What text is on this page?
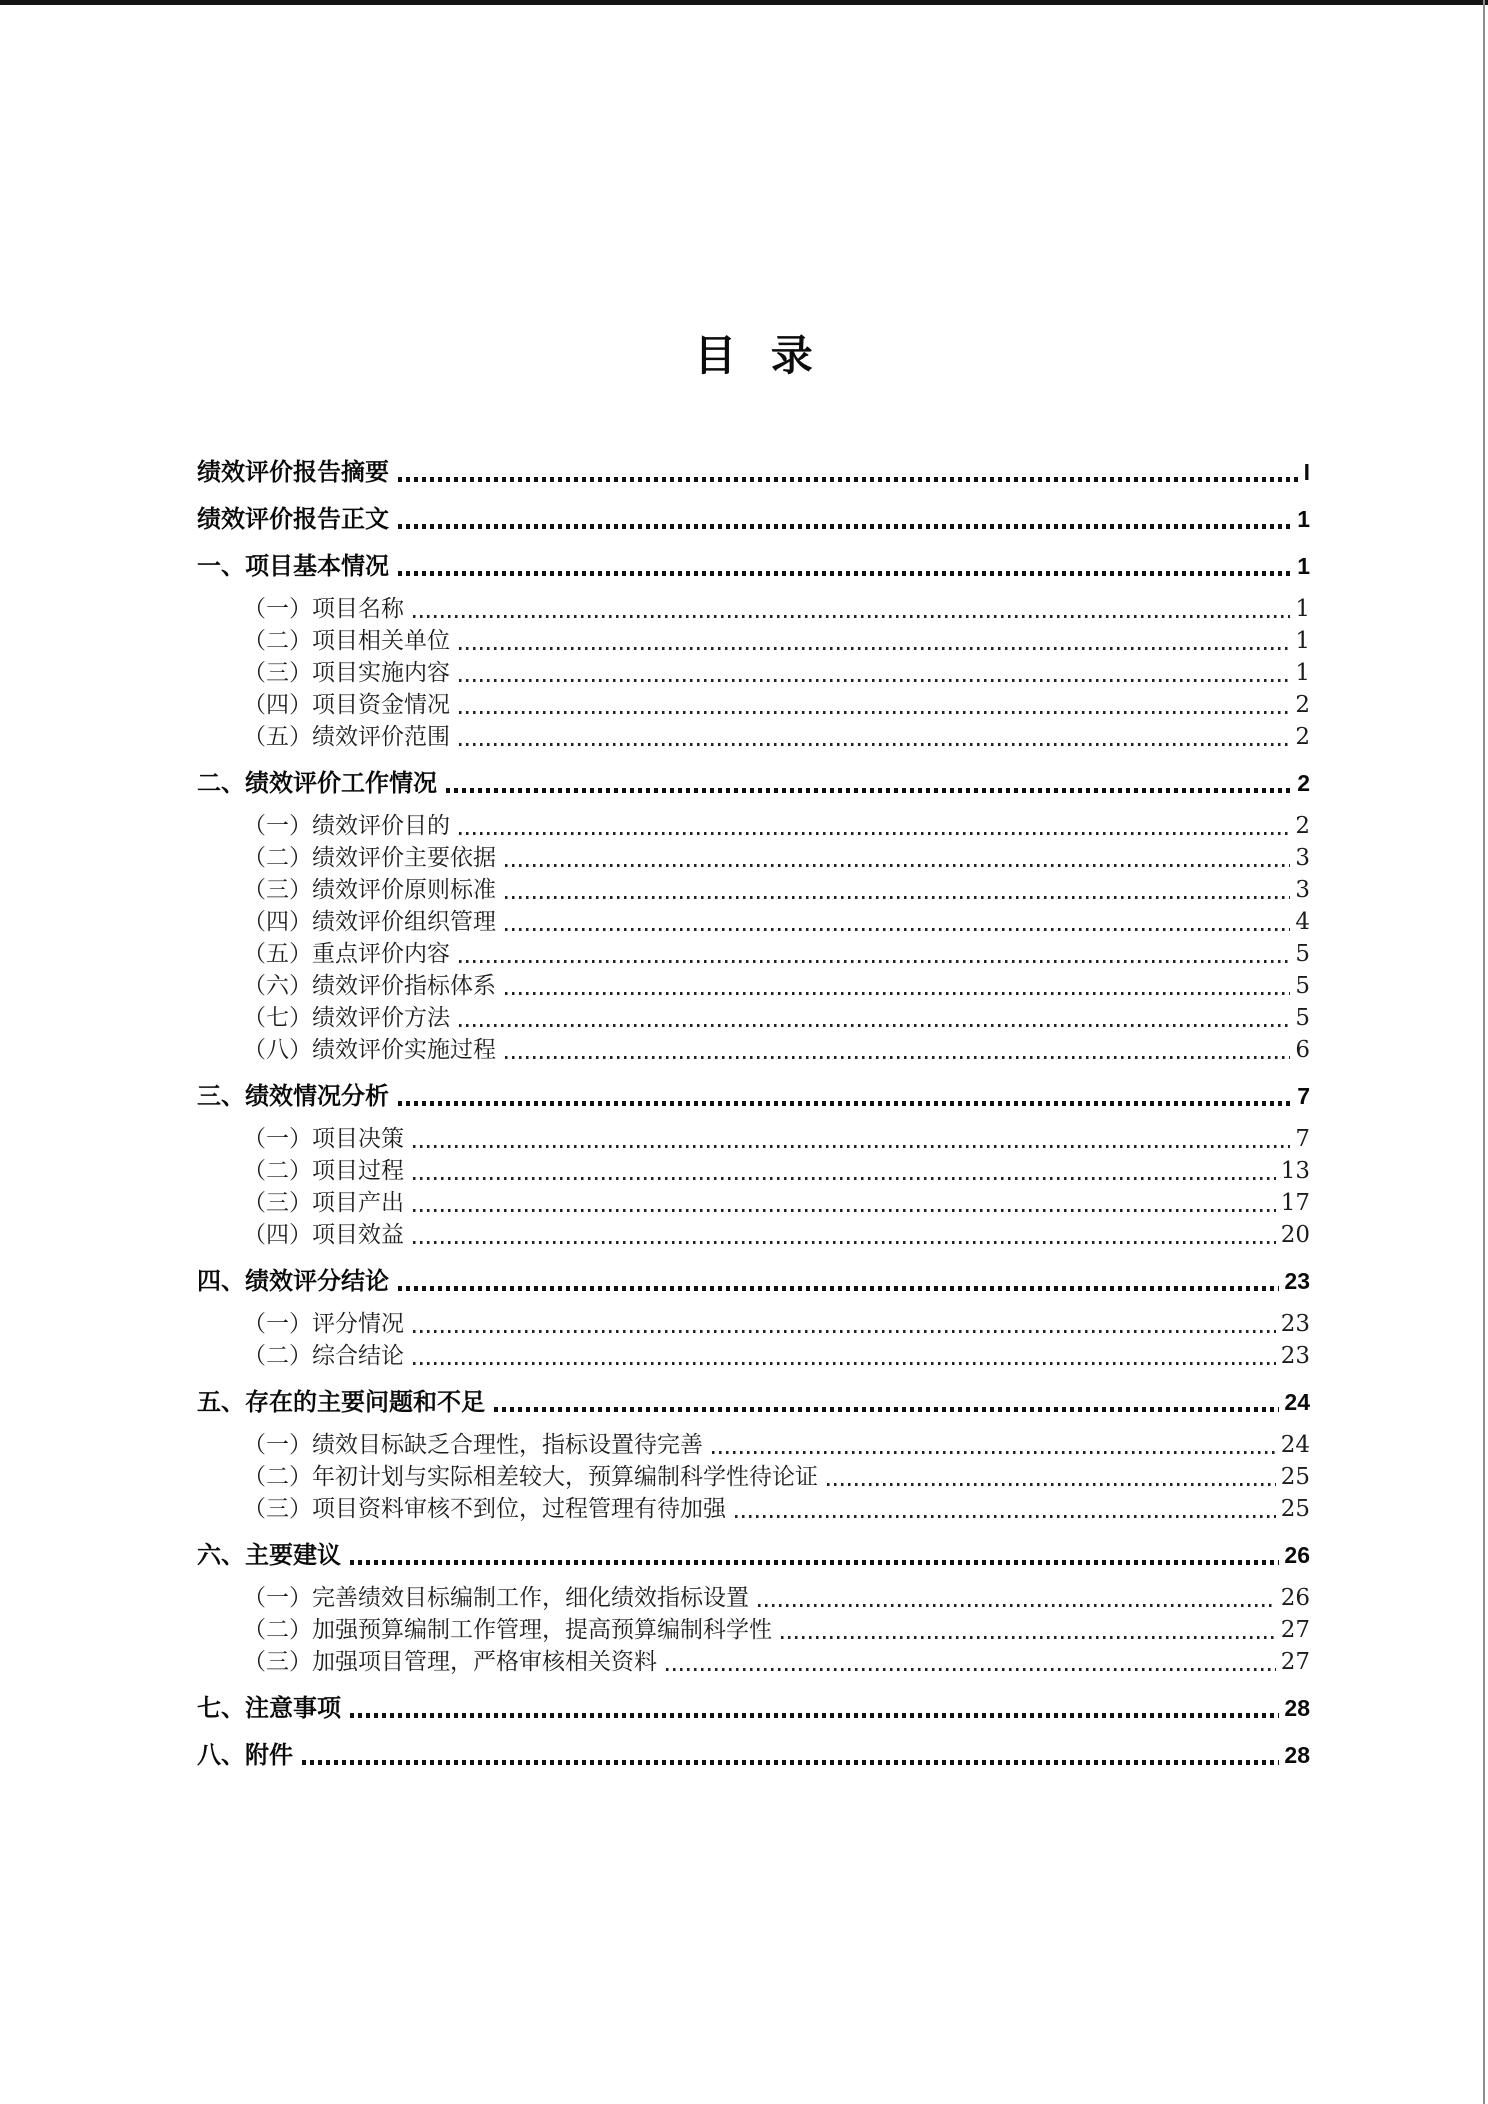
目 录
绩效评价报告摘要	I
绩效评价报告正文	1
一、项目基本情况	1
（一）项目名称	1
（二）项目相关单位	1
（三）项目实施内容	1
（四）项目资金情况	2
（五）绩效评价范围	2
二、绩效评价工作情况	2
（一）绩效评价目的	2
（二）绩效评价主要依据	3
（三）绩效评价原则标准	3
（四）绩效评价组织管理	4
（五）重点评价内容	5
（六）绩效评价指标体系	5
（七）绩效评价方法	5
（八）绩效评价实施过程	6
三、绩效情况分析	7
（一）项目决策	7
（二）项目过程	13
（三）项目产出	17
（四）项目效益	20
四、绩效评分结论	23
（一）评分情况	23
（二）综合结论	23
五、存在的主要问题和不足	24
（一）绩效目标缺乏合理性，指标设置待完善	24
（二）年初计划与实际相差较大，预算编制科学性待论证	25
（三）项目资料审核不到位，过程管理有待加强	25
六、主要建议	26
（一）完善绩效目标编制工作，细化绩效指标设置	26
（二）加强预算编制工作管理，提高预算编制科学性	27
（三）加强项目管理，严格审核相关资料	27
七、注意事项	28
八、附件	28
